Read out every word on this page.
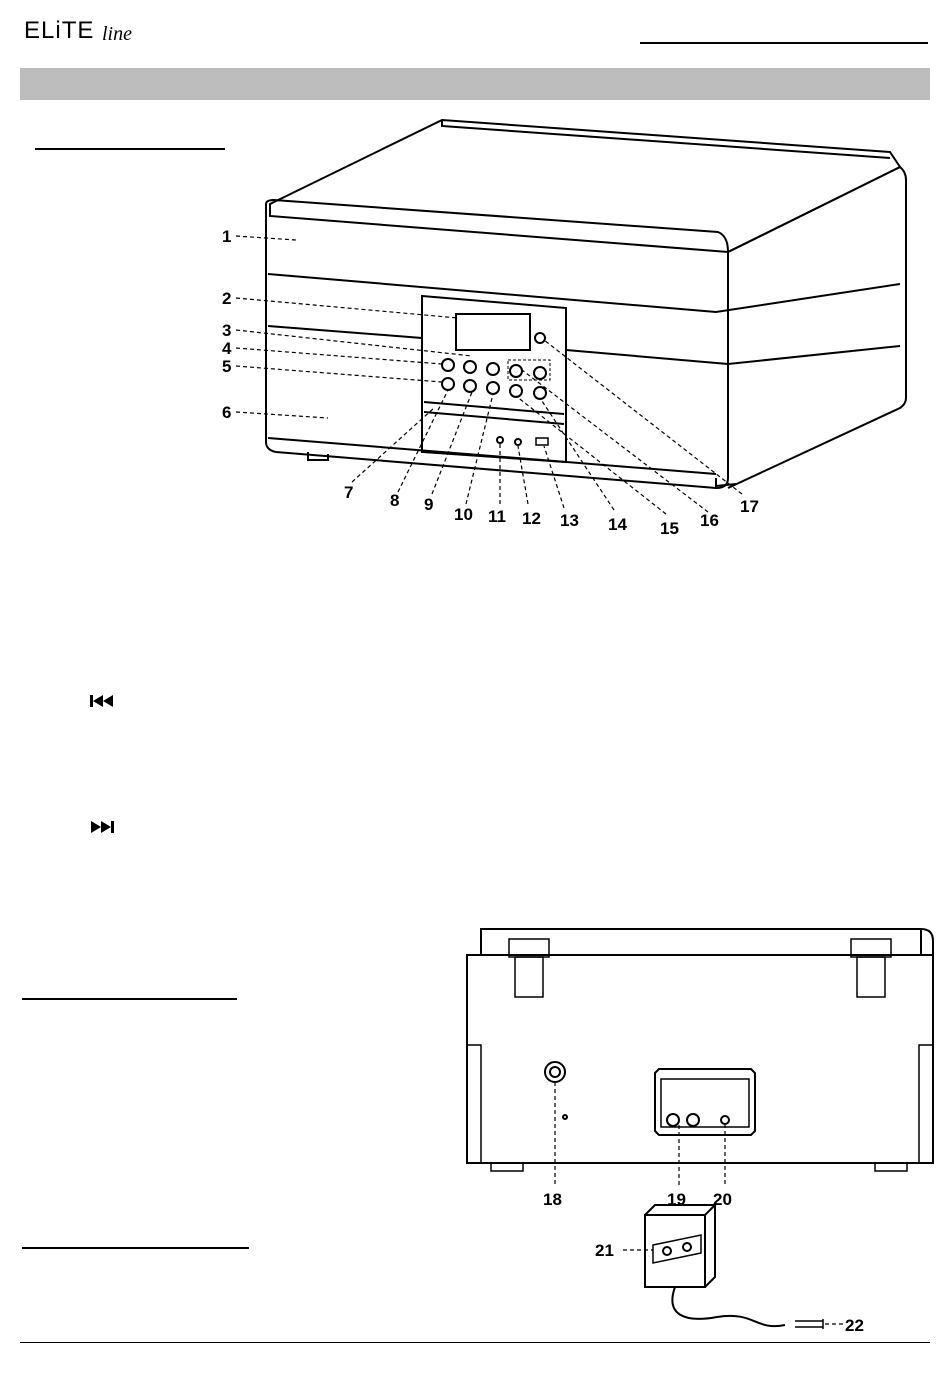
ELiTE line
1
2
3
4
5
6
7 8 9
10 11 12 13 14 15 16
17
18	19 20
21
22
